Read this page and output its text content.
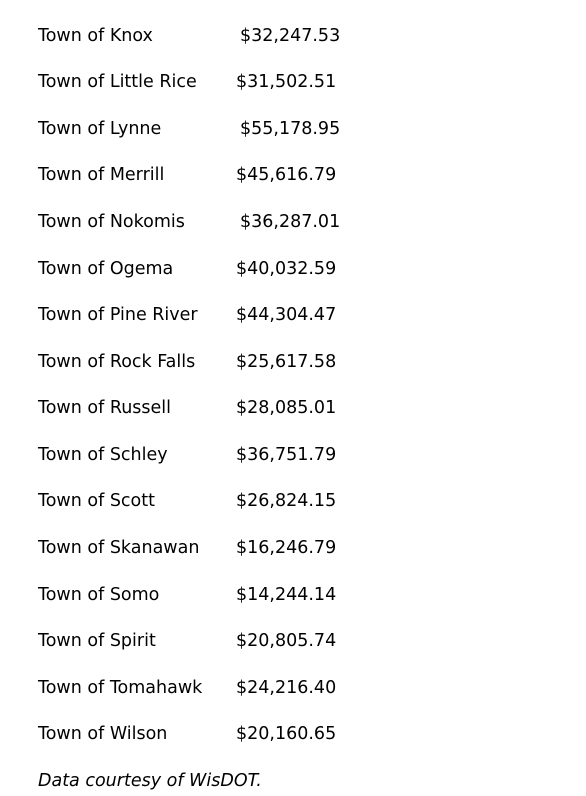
Town of Knox	$32,247.53
Town of Little Rice $31,502.51
Town of Lynne	$55,178.95
Town of Merrill	$45,616.79
Town of Nokomis	$36,287.01
Town of Ogema	$40,032.59
Town of Pine River $44,304.47
Town of Rock Falls $25,617.58
Town of Russell	$28,085.01
Town of Schley	$36,751.79
Town of Scott	$26,824.15
Town of Skanawan $16,246.79
Town of Somo	$14,244.14
Town of Spirit	$20,805.74
Town of Tomahawk $24,216.40
Town of Wilson	$20,160.65
Data courtesy of WisDOT.
